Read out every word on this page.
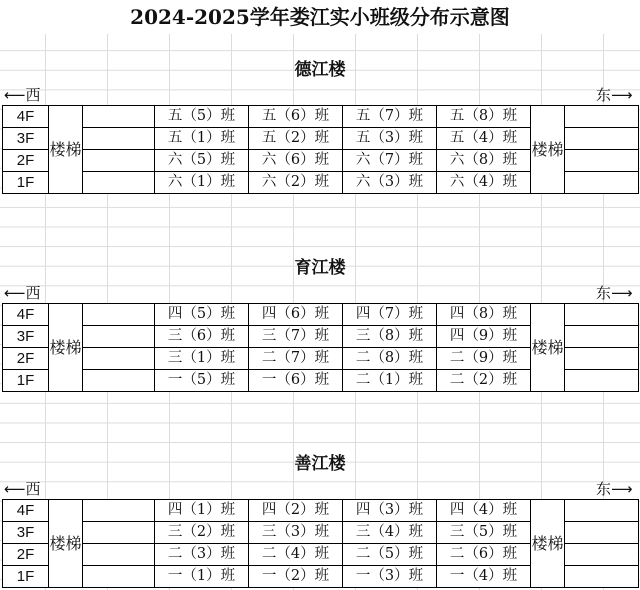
2024-2025学年娄江实小班级分布示意图
德江楼
⟵西	东⟶
4F	楼梯		五（5）班	五（6）班	五（7）班	五（8）班	楼梯	
3F			五（1）班	五（2）班	五（3）班	五（4）班		
2F			六（5）班	六（6）班	六（7）班	六（8）班		
1F			六（1）班	六（2）班	六（3）班	六（4）班		
育江楼
⟵西	东⟶
4F	楼梯		四（5）班	四（6）班	四（7）班	四（8）班	楼梯	
3F			三（6）班	三（7）班	三（8）班	四（9）班		
2F			三（1）班	二（7）班	二（8）班	二（9）班		
1F			一（5）班	一（6）班	二（1）班	二（2）班		
善江楼
⟵西	东⟶
4F	楼梯		四（1）班	四（2）班	四（3）班	四（4）班	楼梯	
3F			三（2）班	三（3）班	三（4）班	三（5）班		
2F			二（3）班	二（4）班	二（5）班	二（6）班		
1F			一（1）班	一（2）班	一（3）班	一（4）班		
